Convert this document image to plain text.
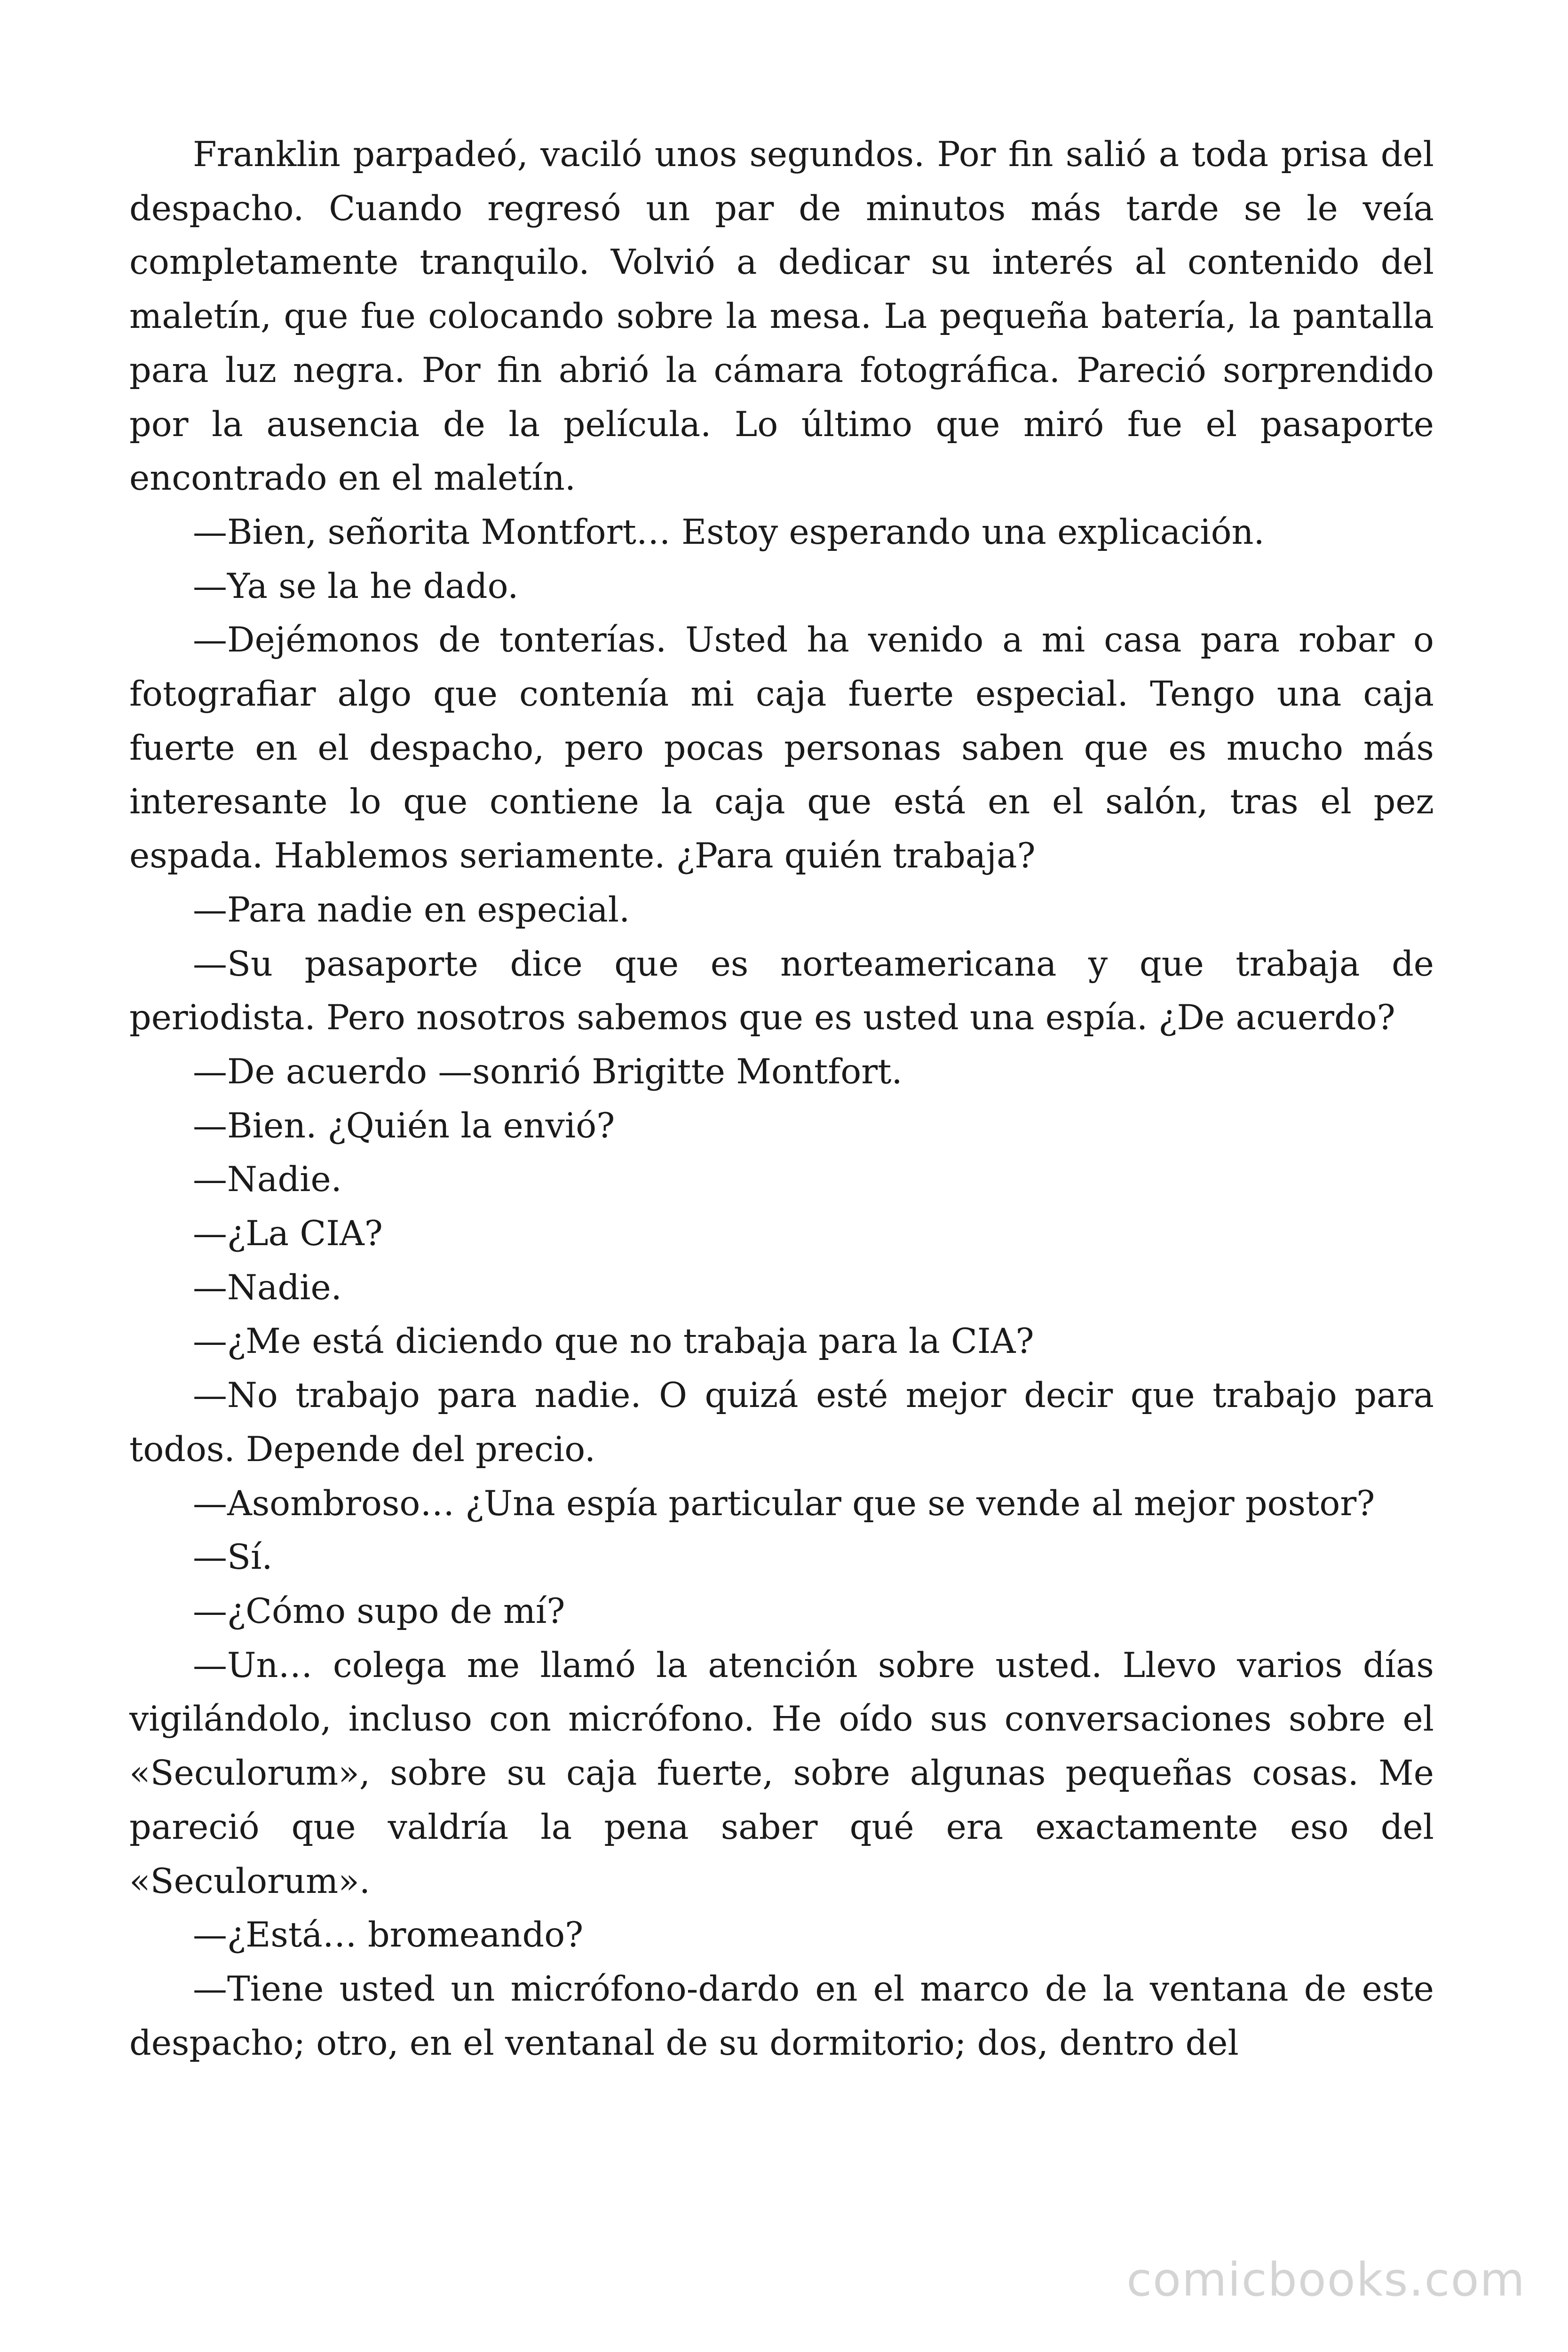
Franklin parpadeó, vaciló unos segundos. Por fin salió a toda prisa del despacho. Cuando regresó un par de minutos más tarde se le veía completamente tranquilo. Volvió a dedicar su interés al contenido del maletín, que fue colocando sobre la mesa. La pequeña batería, la pantalla para luz negra. Por fin abrió la cámara fotográfica. Pareció sorprendido por la ausencia de la película. Lo último que miró fue el pasaporte encontrado en el maletín.

—Bien, señorita Montfort… Estoy esperando una explicación.

—Ya se la he dado.

—Dejémonos de tonterías. Usted ha venido a mi casa para robar o fotografiar algo que contenía mi caja fuerte especial. Tengo una caja fuerte en el despacho, pero pocas personas saben que es mucho más interesante lo que contiene la caja que está en el salón, tras el pez espada. Hablemos seriamente. ¿Para quién trabaja?

—Para nadie en especial.

—Su pasaporte dice que es norteamericana y que trabaja de periodista. Pero nosotros sabemos que es usted una espía. ¿De acuerdo?

—De acuerdo —sonrió Brigitte Montfort.

—Bien. ¿Quién la envió?

—Nadie.

—¿La CIA?

—Nadie.

—¿Me está diciendo que no trabaja para la CIA?

—No trabajo para nadie. O quizá esté mejor decir que trabajo para todos. Depende del precio.

—Asombroso… ¿Una espía particular que se vende al mejor postor?

—Sí.

—¿Cómo supo de mí?

—Un… colega me llamó la atención sobre usted. Llevo varios días vigilándolo, incluso con micrófono. He oído sus conversaciones sobre el «Seculorum», sobre su caja fuerte, sobre algunas pequeñas cosas. Me pareció que valdría la pena saber qué era exactamente eso del «Seculorum».

—¿Está… bromeando?

—Tiene usted un micrófono-dardo en el marco de la ventana de este despacho; otro, en el ventanal de su dormitorio; dos, dentro del

comicbooks.com
